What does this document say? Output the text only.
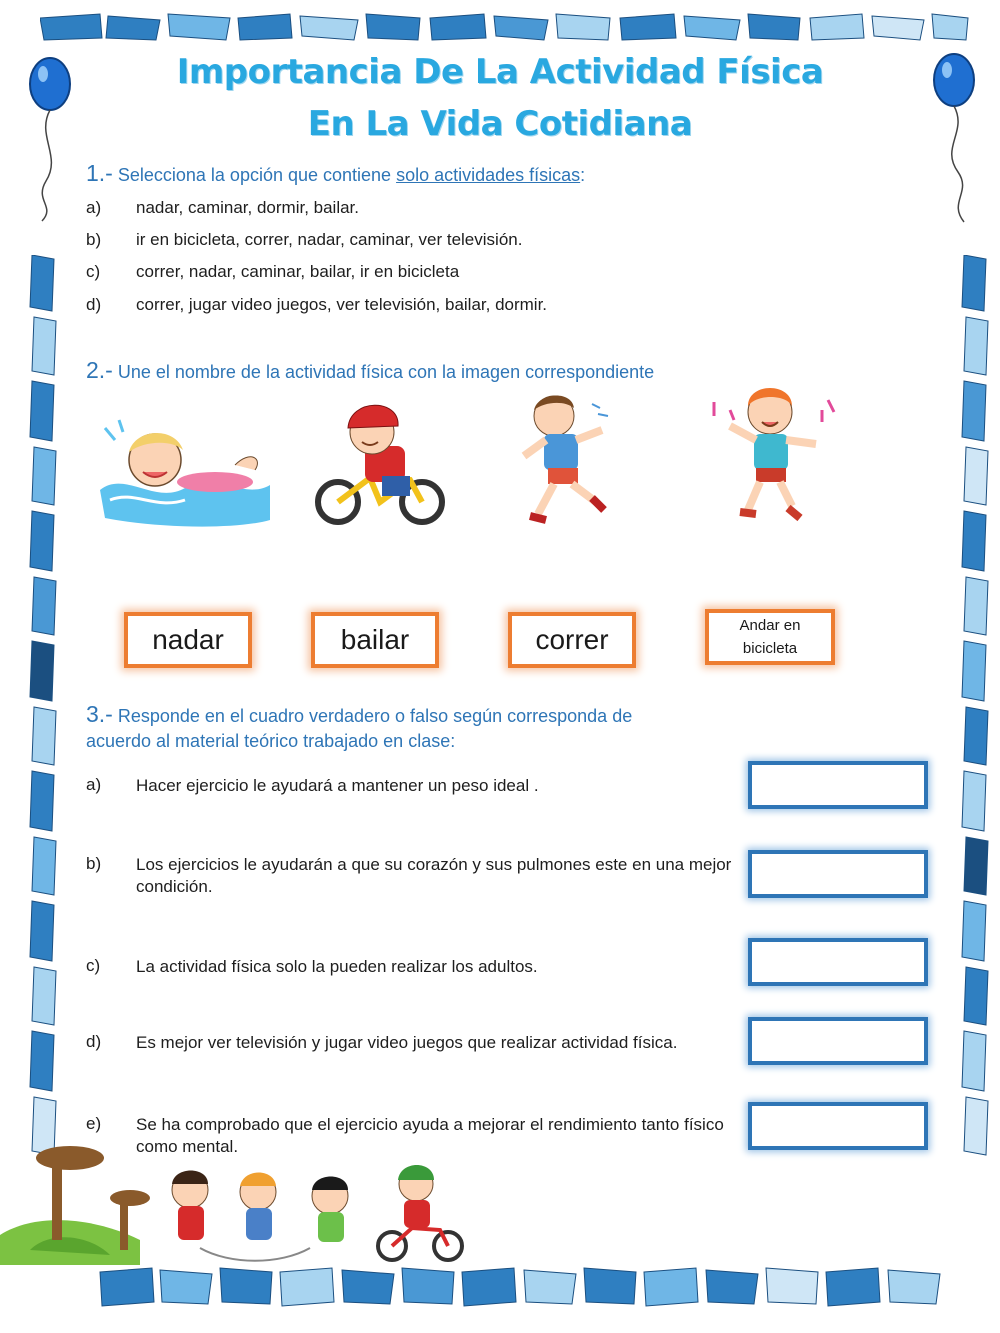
Importancia De La Actividad Física
En La Vida Cotidiana
1.- Selecciona la opción que contiene solo actividades físicas:
a) nadar, caminar, dormir, bailar.
b) ir en bicicleta, correr, nadar, caminar, ver televisión.
c) correr, nadar, caminar, bailar, ir en bicicleta
d) correr, jugar video juegos, ver televisión, bailar, dormir.
2.- Une el nombre de la actividad física con la imagen correspondiente
nadar	bailar	correr	Andar en
bicicleta
3.- Responde en el cuadro verdadero o falso según corresponda de
acuerdo al material teórico trabajado en clase:
a) Hacer ejercicio le ayudará a mantener un peso ideal .
b) Los ejercicios le ayudarán a que su corazón y sus pulmones este en una mejor condición.
c) La actividad física solo la pueden realizar los adultos.
d) Es mejor ver televisión y jugar video juegos que realizar actividad física.
e) Se ha comprobado que el ejercicio ayuda a mejorar el rendimiento tanto físico como mental.
